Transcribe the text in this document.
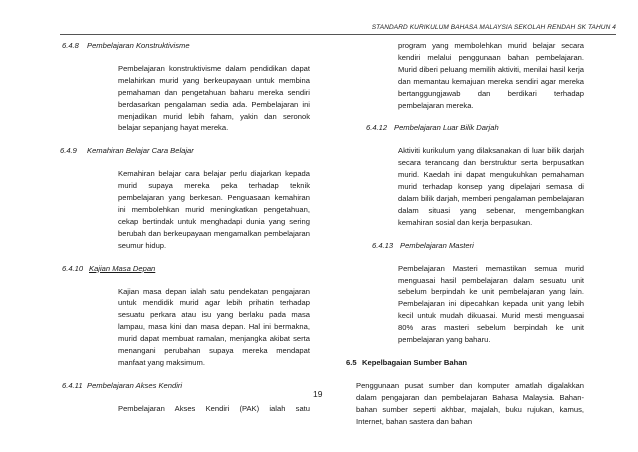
STANDARD KURIKULUM BAHASA MALAYSIA SEKOLAH RENDAH SK TAHUN 4
6.4.8 Pembelajaran Konstruktivisme

Pembelajaran konstruktivisme dalam pendidikan dapat melahirkan murid yang berkeupayaan untuk membina pemahaman dan pengetahuan baharu mereka sendiri berdasarkan pengalaman sedia ada. Pembelajaran ini menjadikan murid lebih faham, yakin dan seronok belajar sepanjang hayat mereka.

6.4.9 Kemahiran Belajar Cara Belajar

Kemahiran belajar cara belajar perlu diajarkan kepada murid supaya mereka peka terhadap teknik pembelajaran yang berkesan. Penguasaan kemahiran ini membolehkan murid meningkatkan pengetahuan, cekap bertindak untuk menghadapi dunia yang sering berubah dan berkeupayaan mengamalkan pembelajaran seumur hidup.

6.4.10 Kajian Masa Depan

Kajian masa depan ialah satu pendekatan pengajaran untuk mendidik murid agar lebih prihatin terhadap sesuatu perkara atau isu yang berlaku pada masa lampau, masa kini dan masa depan. Hal ini bermakna, murid dapat membuat ramalan, menjangka akibat serta menangani perubahan supaya mereka mendapat manfaat yang maksimum.

6.4.11 Pembelajaran Akses Kendiri

Pembelajaran Akses Kendiri (PAK) ialah satu

program yang membolehkan murid belajar secara kendiri melalui penggunaan bahan pembelajaran. Murid diberi peluang memilih aktiviti, menilai hasil kerja dan memantau kemajuan mereka sendiri agar mereka bertanggungjawab dan berdikari terhadap pembelajaran mereka.

6.4.12 Pembelajaran Luar Bilik Darjah

Aktiviti kurikulum yang dilaksanakan di luar bilik darjah secara terancang dan berstruktur serta berpusatkan murid. Kaedah ini dapat mengukuhkan pemahaman murid terhadap konsep yang dipelajari semasa di dalam bilik darjah, memberi pengalaman pembelajaran dalam situasi yang sebenar, mengembangkan kemahiran sosial dan kerja berpasukan.

6.4.13 Pembelajaran Masteri

Pembelajaran Masteri memastikan semua murid menguasai hasil pembelajaran dalam sesuatu unit sebelum berpindah ke unit pembelajaran yang lain. Pembelajaran ini dipecahkan kepada unit yang lebih kecil untuk mudah dikuasai. Murid mesti menguasai 80% aras masteri sebelum berpindah ke unit pembelajaran yang baharu.

6.5 Kepelbagaian Sumber Bahan

Penggunaan pusat sumber dan komputer amatlah digalakkan dalam pengajaran dan pembelajaran Bahasa Malaysia. Bahan-bahan sumber seperti akhbar, majalah, buku rujukan, kamus, Internet, bahan sastera dan bahan

19
